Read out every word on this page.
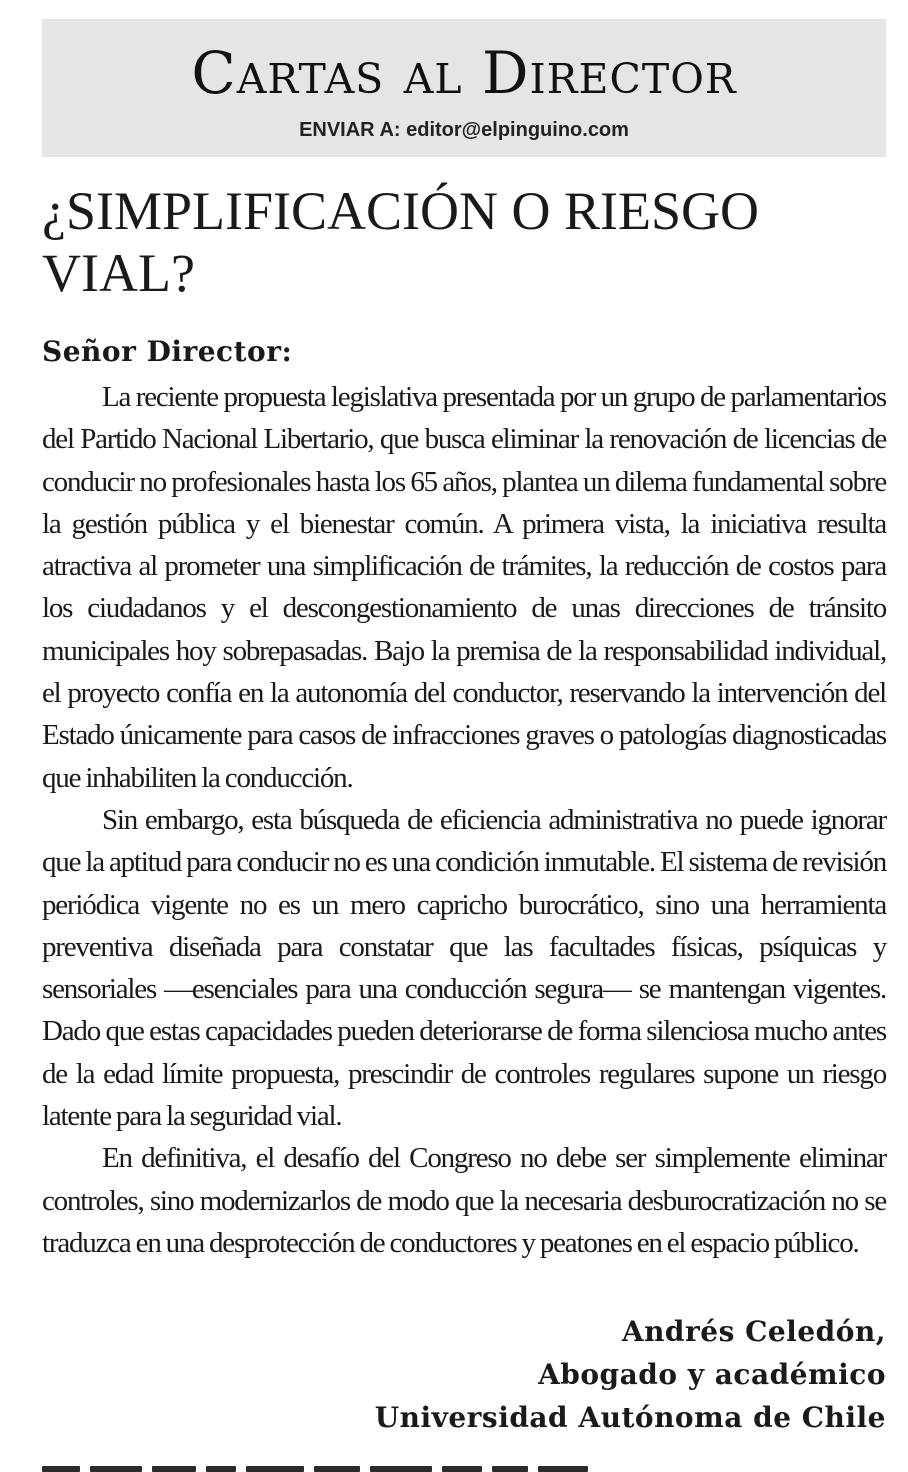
Cartas al Director
ENVIAR A: editor@elpinguino.com
¿SIMPLIFICACIÓN O RIESGO VIAL?
Señor Director:

La reciente propuesta legislativa presentada por un grupo de parlamentarios del Partido Nacional Libertario, que busca eliminar la renovación de licencias de conducir no profesionales hasta los 65 años, plantea un dilema fundamental sobre la gestión pública y el bienestar común. A primera vista, la iniciativa resulta atractiva al prometer una simplificación de trámites, la reducción de costos para los ciudadanos y el descongestionamiento de unas direcciones de tránsito municipales hoy sobrepasadas. Bajo la premisa de la responsabilidad individual, el proyecto confía en la autonomía del conductor, reservando la intervención del Estado únicamente para casos de infracciones graves o patologías diagnosticadas que inhabiliten la conducción.

Sin embargo, esta búsqueda de eficiencia administrativa no puede ignorar que la aptitud para conducir no es una condición inmutable. El sistema de revisión periódica vigente no es un mero capricho burocrático, sino una herramienta preventiva diseñada para constatar que las facultades físicas, psíquicas y sensoriales —esenciales para una conducción segura— se mantengan vigentes. Dado que estas capacidades pueden deteriorarse de forma silenciosa mucho antes de la edad límite propuesta, prescindir de controles regulares supone un riesgo latente para la seguridad vial.

En definitiva, el desafío del Congreso no debe ser simplemente eliminar controles, sino modernizarlos de modo que la necesaria desburocratización no se traduzca en una desprotección de conductores y peatones en el espacio público.

Andrés Celedón,
Abogado y académico
Universidad Autónoma de Chile
